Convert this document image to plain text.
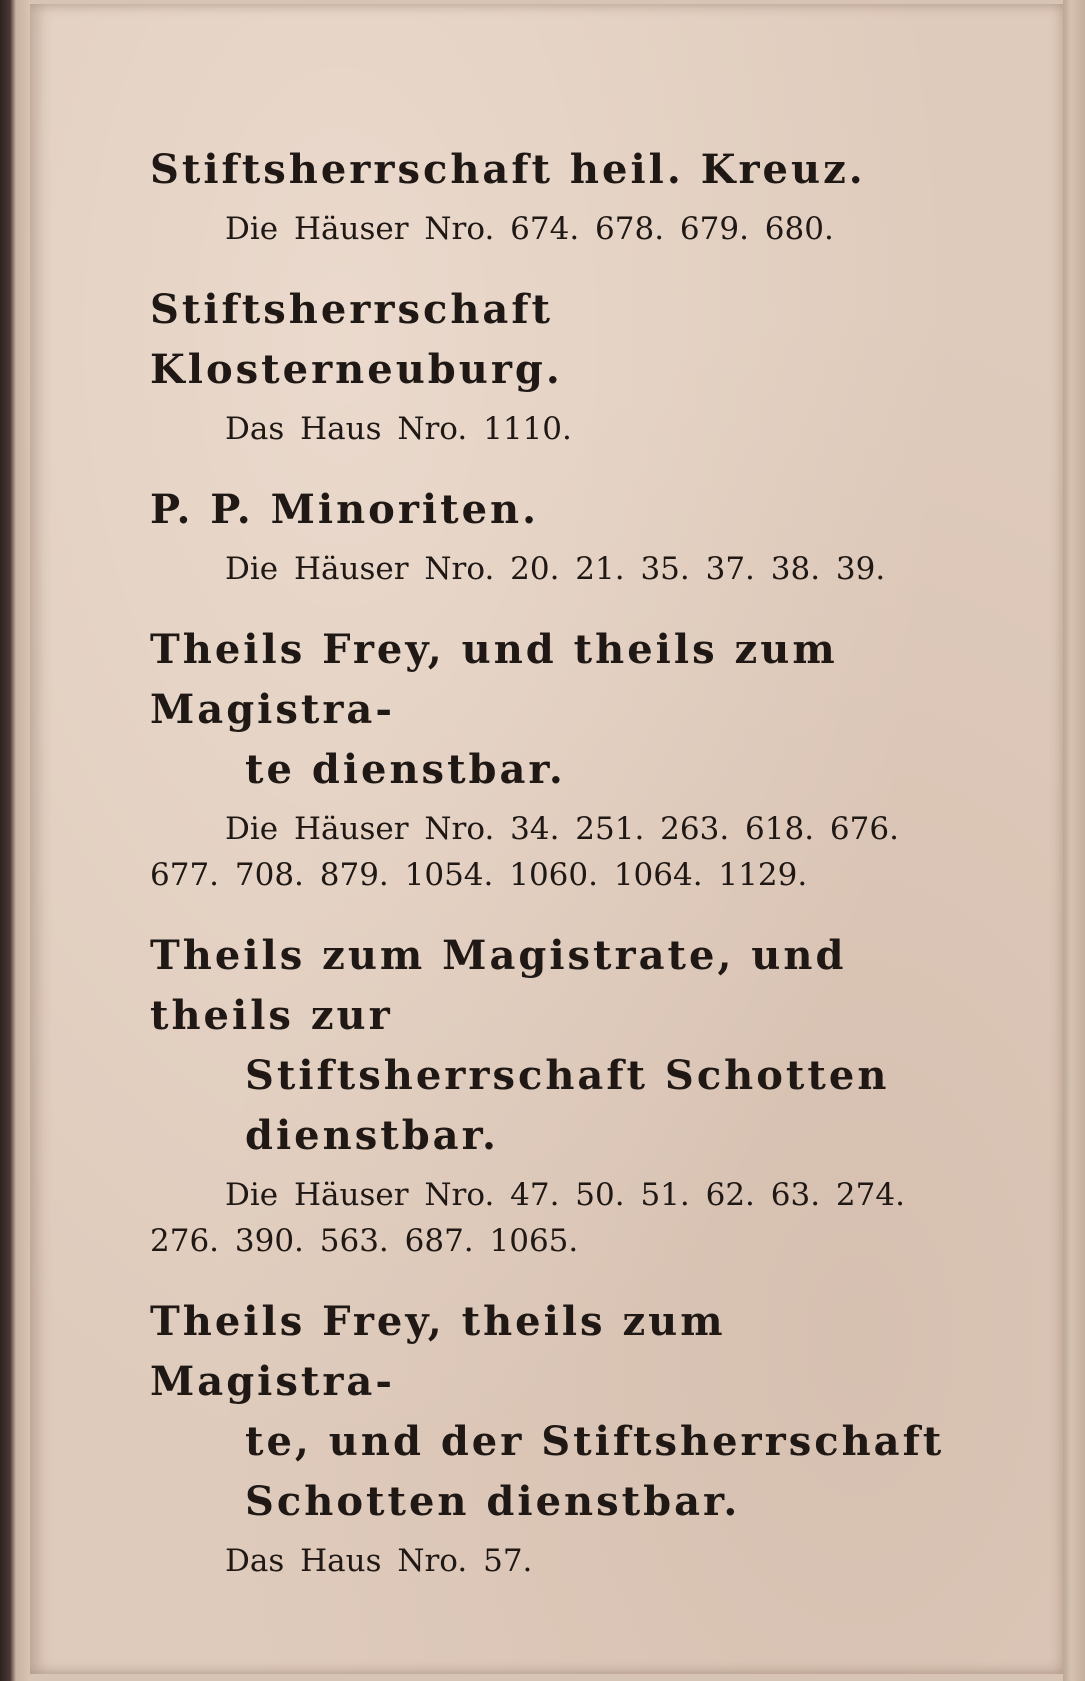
Stiftsherrschaft heil. Kreuz.

Die Häuser Nro. 674. 678. 679. 680.

Stiftsherrschaft Klosterneuburg.

Das Haus Nro. 1110.

P. P. Minoriten.

Die Häuser Nro. 20. 21. 35. 37. 38. 39.

Theils Frey, und theils zum Magistra-
te dienstbar.

Die Häuser Nro. 34. 251. 263. 618. 676.
677. 708. 879. 1054. 1060. 1064. 1129.

Theils zum Magistrate, und theils zur
Stiftsherrschaft Schotten
dienstbar.

Die Häuser Nro. 47. 50. 51. 62. 63. 274.
276. 390. 563. 687. 1065.

Theils Frey, theils zum Magistra-
te, und der Stiftsherrschaft
Schotten dienstbar.

Das Haus Nro. 57.
